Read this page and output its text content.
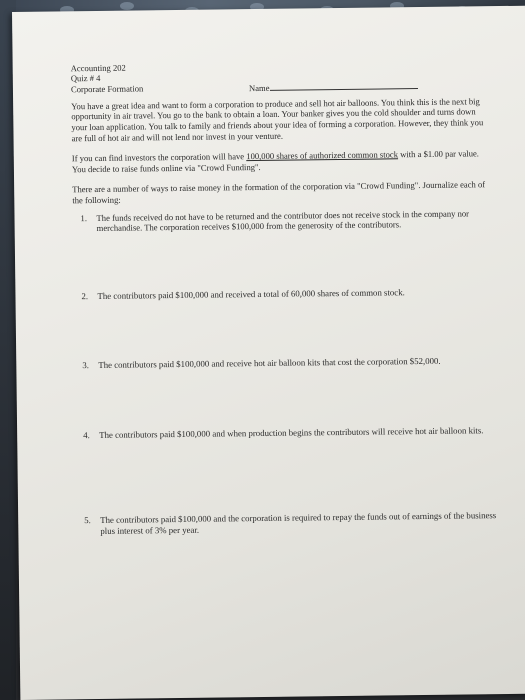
Accounting 202

Quiz # 4

Corporate Formation	Name

You have a great idea and want to form a corporation to produce and sell hot air balloons. You think this is the next big opportunity in air travel. You go to the bank to obtain a loan. Your banker gives you the cold shoulder and turns down your loan application. You talk to family and friends about your idea of forming a corporation. However, they think you are full of hot air and will not lend nor invest in your venture.

If you can find investors the corporation will have 100,000 shares of authorized common stock with a $1.00 par value. You decide to raise funds online via "Crowd Funding".

There are a number of ways to raise money in the formation of the corporation via "Crowd Funding". Journalize each of the following:

1. The funds received do not have to be returned and the contributor does not receive stock in the company nor merchandise. The corporation receives $100,000 from the generosity of the contributors.
2. The contributors paid $100,000 and received a total of 60,000 shares of common stock.
3. The contributors paid $100,000 and receive hot air balloon kits that cost the corporation $52,000.
4. The contributors paid $100,000 and when production begins the contributors will receive hot air balloon kits.
5. The contributors paid $100,000 and the corporation is required to repay the funds out of earnings of the business plus interest of 3% per year.
